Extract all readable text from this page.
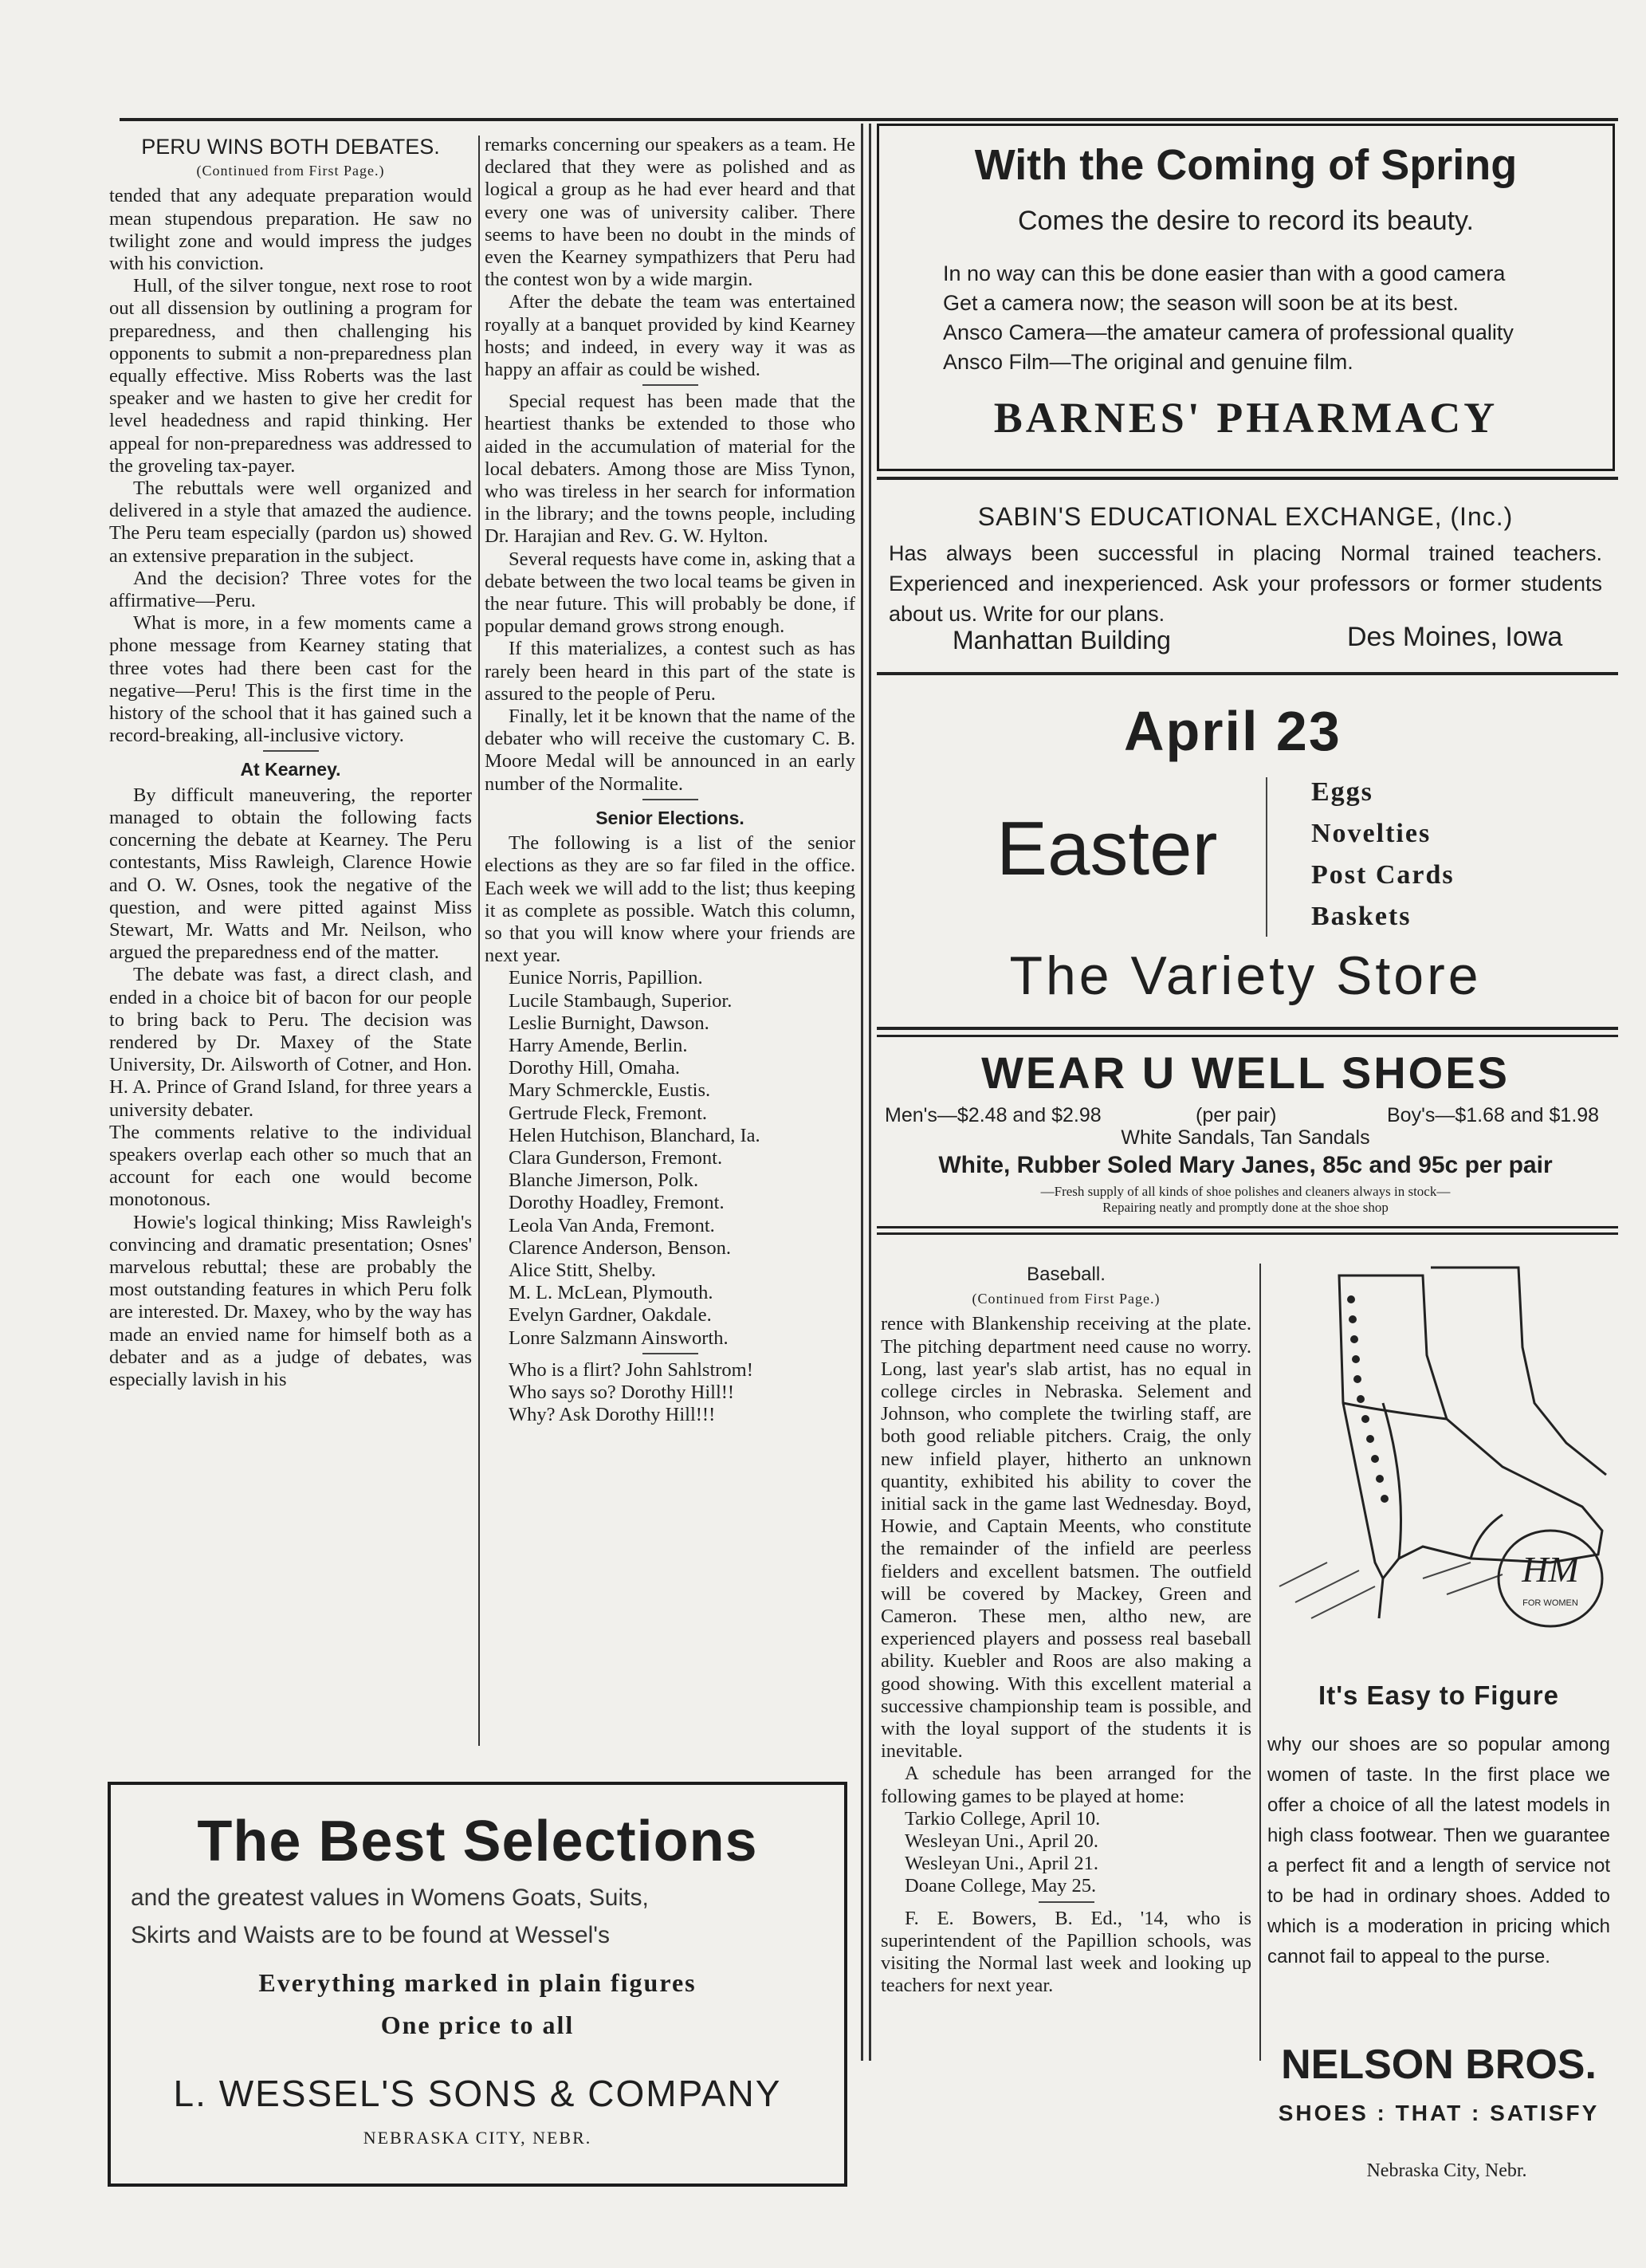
PERU WINS BOTH DEBATES.
(Continued from First Page.)

tended that any adequate preparation would mean stupendous preparation. He saw no twilight zone and would impress the judges with his conviction.

Hull, of the silver tongue, next rose to root out all dissension by outlining a program for preparedness, and then challenging his opponents to submit a non-preparedness plan equally effective. Miss Roberts was the last speaker and we hasten to give her credit for level headedness and rapid thinking. Her appeal for non-preparedness was addressed to the groveling tax-payer.

The rebuttals were well organized and delivered in a style that amazed the audience. The Peru team especially (pardon us) showed an extensive preparation in the subject.

And the decision? Three votes for the affirmative—Peru.

What is more, in a few moments came a phone message from Kearney stating that three votes had there been cast for the negative—Peru! This is the first time in the history of the school that it has gained such a record-breaking, all-inclusive victory.

At Kearney.

By difficult maneuvering, the reporter managed to obtain the following facts concerning the debate at Kearney. The Peru contestants, Miss Rawleigh, Clarence Howie and O. W. Osnes, took the negative of the question, and were pitted against Miss Stewart, Mr. Watts and Mr. Neilson, who argued the preparedness end of the matter.

The debate was fast, a direct clash, and ended in a choice bit of bacon for our people to bring back to Peru. The decision was rendered by Dr. Maxey of the State University, Dr. Ailsworth of Cotner, and Hon. H. A. Prince of Grand Island, for three years a university debater.

The comments relative to the individual speakers overlap each other so much that an account for each one would become monotonous.

Howie's logical thinking; Miss Rawleigh's convincing and dramatic presentation; Osnes' marvelous rebuttal; these are probably the most outstanding features in which Peru folk are interested. Dr. Maxey, who by the way has made an envied name for himself both as a debater and as a judge of debates, was especially lavish in his

remarks concerning our speakers as a team. He declared that they were as polished and as logical a group as he had ever heard and that every one was of university caliber. There seems to have been no doubt in the minds of even the Kearney sympathizers that Peru had the contest won by a wide margin.

After the debate the team was entertained royally at a banquet provided by kind Kearney hosts; and indeed, in every way it was as happy an affair as could be wished.

Special request has been made that the heartiest thanks be extended to those who aided in the accumulation of material for the local debaters. Among those are Miss Tynon, who was tireless in her search for information in the library; and the towns people, including Dr. Harajian and Rev. G. W. Hylton.

Several requests have come in, asking that a debate between the two local teams be given in the near future. This will probably be done, if popular demand grows strong enough.

If this materializes, a contest such as has rarely been heard in this part of the state is assured to the people of Peru.

Finally, let it be known that the name of the debater who will receive the customary C. B. Moore Medal will be announced in an early number of the Normalite.

Senior Elections.

The following is a list of the senior elections as they are so far filed in the office. Each week we will add to the list; thus keeping it as complete as possible. Watch this column, so that you will know where your friends are next year.

Eunice Norris, Papillion.

Lucile Stambaugh, Superior.

Leslie Burnight, Dawson.

Harry Amende, Berlin.

Dorothy Hill, Omaha.

Mary Schmerckle, Eustis.

Gertrude Fleck, Fremont.

Helen Hutchison, Blanchard, Ia.

Clara Gunderson, Fremont.

Blanche Jimerson, Polk.

Dorothy Hoadley, Fremont.

Leola Van Anda, Fremont.

Clarence Anderson, Benson.

Alice Stitt, Shelby.

M. L. McLean, Plymouth.

Evelyn Gardner, Oakdale.

Lonre Salzmann Ainsworth.

Who is a flirt? John Sahlstrom!

Who says so? Dorothy Hill!!

Why? Ask Dorothy Hill!!!

The Best Selections
and the greatest values in Womens Goats, Suits,
Skirts and Waists are to be found at Wessel's
Everything marked in plain figures
One price to all
L. WESSEL'S SONS & COMPANY
NEBRASKA CITY, NEBR.
With the Coming of Spring
Comes the desire to record its beauty.
In no way can this be done easier than with a good camera
Get a camera now; the season will soon be at its best.
Ansco Camera—the amateur camera of professional quality
Ansco Film—The original and genuine film.
BARNES' PHARMACY
SABIN'S EDUCATIONAL EXCHANGE, (Inc.)
Has always been successful in placing Normal trained teachers. Experienced and inexperienced. Ask your professors or former students about us. Write for our plans.
Manhattan Building	Des Moines, Iowa
April 23
Easter
Eggs
Novelties
Post Cards
Baskets
The Variety Store
WEAR U WELL SHOES
Men's—$2.48 and $2.98	(per pair)	Boy's—$1.68 and $1.98
White Sandals, Tan Sandals
White, Rubber Soled Mary Janes, 85c and 95c per pair
—Fresh supply of all kinds of shoe polishes and cleaners always in stock—
Repairing neatly and promptly done at the shoe shop
Baseball.
(Continued from First Page.)

rence with Blankenship receiving at the plate. The pitching department need cause no worry. Long, last year's slab artist, has no equal in college circles in Nebraska. Selement and Johnson, who complete the twirling staff, are both good reliable pitchers. Craig, the only new infield player, hitherto an unknown quantity, exhibited his ability to cover the initial sack in the game last Wednesday. Boyd, Howie, and Captain Meents, who constitute the remainder of the infield are peerless fielders and excellent batsmen. The outfield will be covered by Mackey, Green and Cameron. These men, altho new, are experienced players and possess real baseball ability. Kuebler and Roos are also making a good showing. With this excellent material a successive championship team is possible, and with the loyal support of the students it is inevitable.

A schedule has been arranged for the following games to be played at home:

Tarkio College, April 10.

Wesleyan Uni., April 20.

Wesleyan Uni., April 21.

Doane College, May 25.

F. E. Bowers, B. Ed., '14, who is superintendent of the Papillion schools, was visiting the Normal last week and looking up teachers for next year.

HM
FOR WOMEN
It's Easy to Figure
why our shoes are so popular among women of taste. In the first place we offer a choice of all the latest models in high class footwear. Then we guarantee a perfect fit and a length of service not to be had in ordinary shoes. Added to which is a moderation in pricing which cannot fail to appeal to the purse.
NELSON BROS.
SHOES : THAT : SATISFY
Nebraska City, Nebr.
